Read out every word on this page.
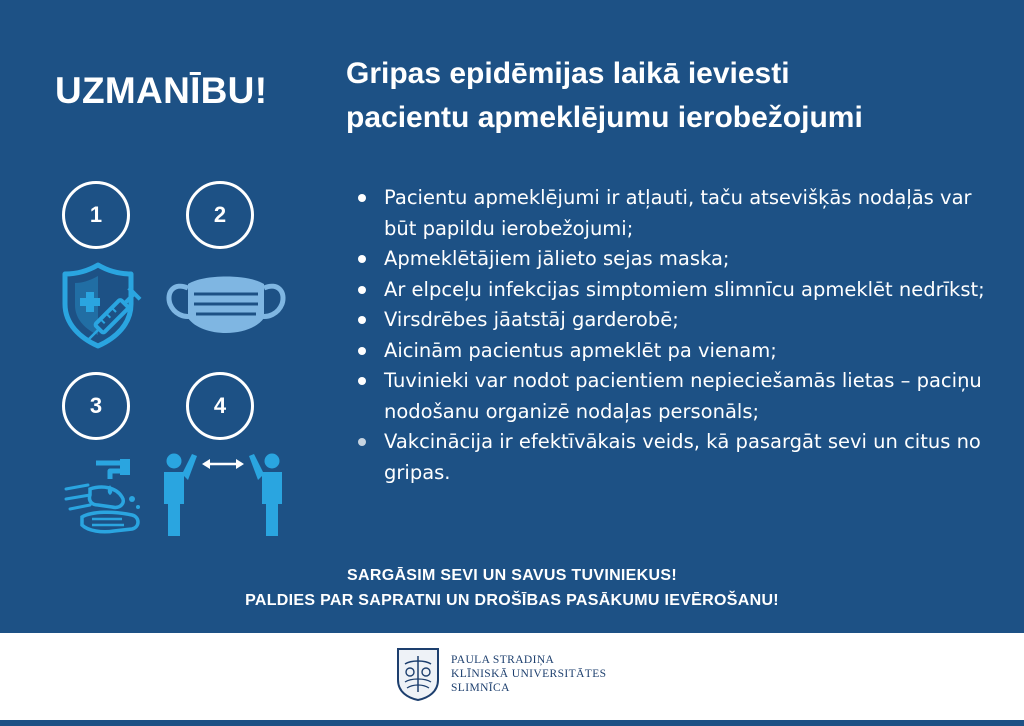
UZMANĪBU!	Gripas epidēmijas laikā ieviesti
pacientu apmeklējumu ierobežojumi
1	2
3	4
Pacientu apmeklējumi ir atļauti, taču atsevišķās nodaļās var būt papildu ierobežojumi;
Apmeklētājiem jālieto sejas maska;
Ar elpceļu infekcijas simptomiem slimnīcu apmeklēt nedrīkst;
Virsdrēbes jāatstāj garderobē;
Aicinām pacientus apmeklēt pa vienam;
Tuvinieki var nodot pacientiem nepieciešamās lietas – paciņu nodošanu organizē nodaļas personāls;
Vakcinācija ir efektīvākais veids, kā pasargāt sevi un citus no gripas.
SARGĀSIM SEVI UN SAVUS TUVINIEKUS!
PALDIES PAR SAPRATNI UN DROŠĪBAS PASĀKUMU IEVĒROŠANU!
PAULA STRADIŅA
KLĪNISKĀ UNIVERSITĀTES
SLIMNĪCA
